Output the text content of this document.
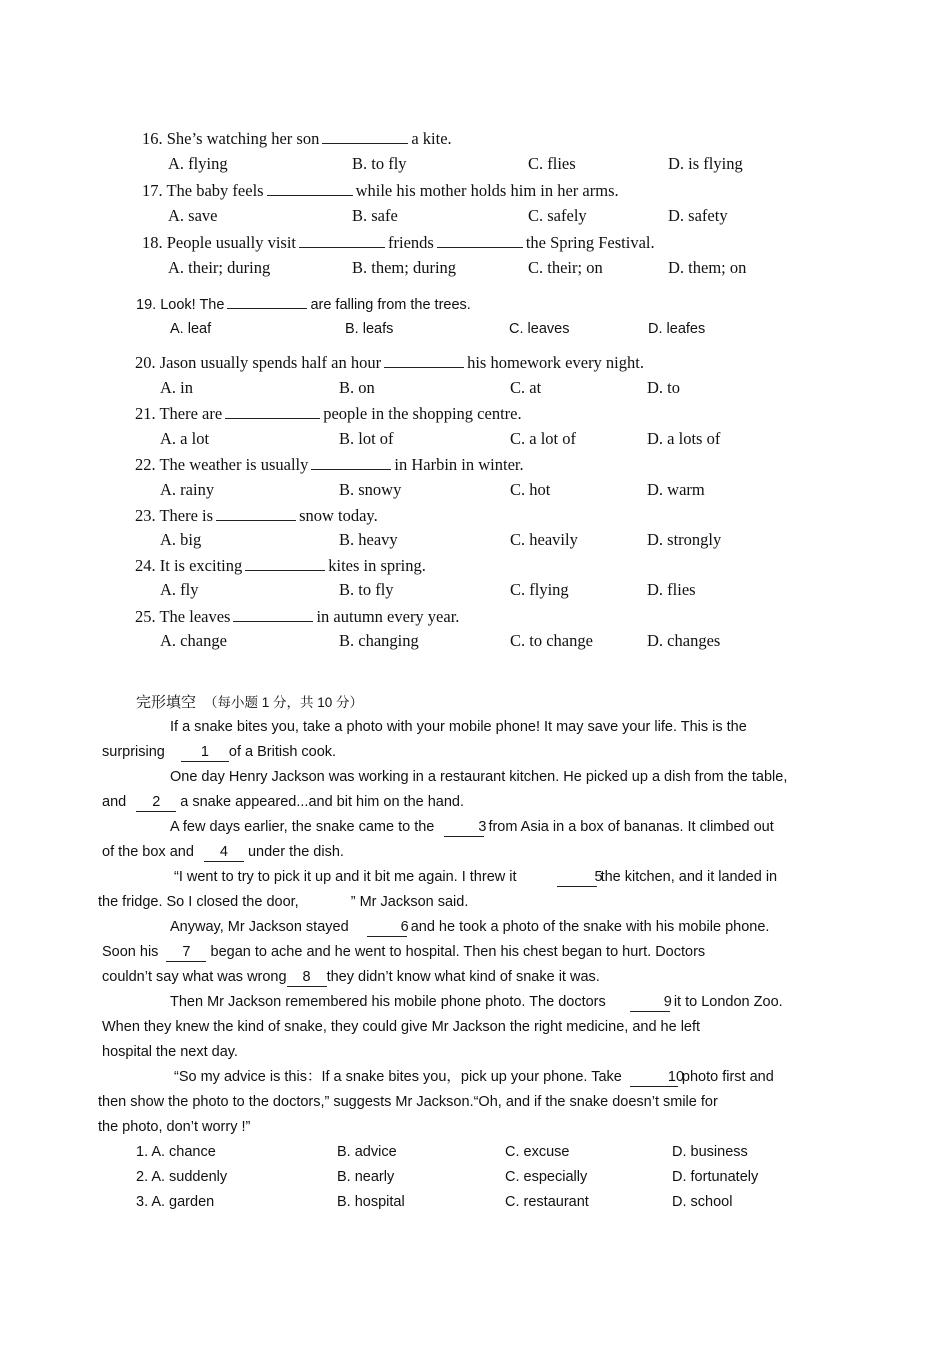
16. She’s watching her son	a kite.
A. flying	B. to fly	C. flies	D. is flying
17. The baby feels	while his mother holds him in her arms.
A. save	B. safe	C. safely	D. safety
18. People usually visit	friends	the Spring Festival.
A. their; during	B. them; during	C. their; on	D. them; on
19. Look! The	are falling from the trees.
A. leaf	B. leafs	C. leaves	D. leafes
20. Jason usually spends half an hour	his homework every night.
A. in	B. on	C. at	D. to
21. There are	people in the shopping centre.
A. a lot	B. lot of	C. a lot of	D. a lots of
22. The weather is usually	in Harbin in winter.
A. rainy	B. snowy	C. hot	D. warm
23. There is	snow today.
A. big	B. heavy	C. heavily	D. strongly
24. It is exciting	kites in spring.
A. fly	B. to fly	C. flying	D. flies
25. The leaves	in autumn every year.
A. change	B. changing	C. to change	D. changes
完形填空 （每小题 1 分，共 10 分）
If a snake bites you, take a photo with your mobile phone! It may save your life. This is the
surprising 1 of a British cook.
One day Henry Jackson was working in a restaurant kitchen. He picked up a dish from the table,
and 2 a snake appeared...and bit him on the hand.
A few days earlier, the snake came to the	3 from Asia in a box of bananas. It climbed out
of the box and 4 under the dish.
“I went to try to pick it up and it bit me again. I threw it	5 the kitchen, and it landed in
the fridge. So I closed the door,	” Mr Jackson said.
Anyway, Mr Jackson stayed	6 and he took a photo of the snake with his mobile phone.
Soon his 7 began to ache and he went to hospital. Then his chest began to hurt. Doctors
couldn’t say what was wrong 8 they didn’t know what kind of snake it was.
Then Mr Jackson remembered his mobile phone photo. The doctors	9 it to London Zoo.
When they knew the kind of snake, they could give Mr Jackson the right medicine, and he left
hospital the next day.
“So my advice is this：If a snake bites you，pick up your phone. Take	10 photo first and
then show the photo to the doctors,” suggests Mr Jackson.“Oh, and if the snake doesn’t smile for
the photo, don’t worry !”
1. A. chance	B. advice	C. excuse	D. business
2. A. suddenly	B. nearly	C. especially	D. fortunately
3. A. garden	B. hospital	C. restaurant	D. school
